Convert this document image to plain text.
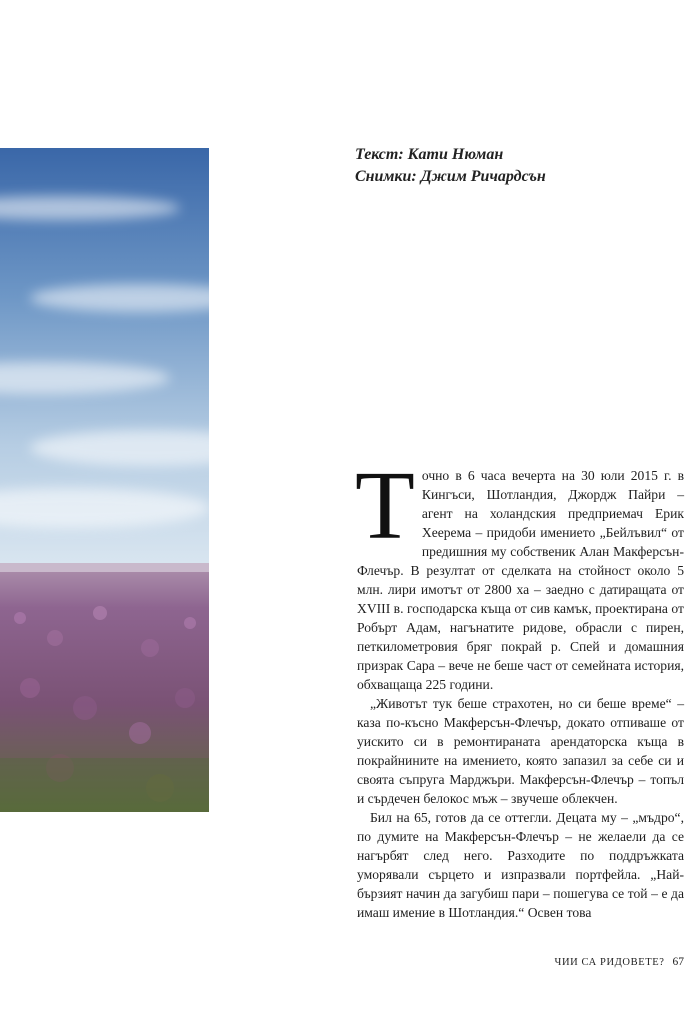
Текст: Кати Нюман
Снимки: Джим Ричардсън

Точно в 6 часа вечерта на 30 юли 2015 г. в Кингъси, Шотландия, Джордж Пайри – агент на холандския предприемач Ерик Хеерема – придоби имението „Бейлъвил“ от предишния му собственик Алан Макферсън-Флечър. В резултат от сделката на стойност около 5 млн. лири имотът от 2800 ха – заедно с датиращата от XVIII в. господарска къща от сив камък, проектирана от Робърт Адам, нагънатите ридове, обрасли с пирен, петкилометровия бряг покрай р. Спей и домашния призрак Сара – вече не беше част от семейната история, обхващаща 225 години.

„Животът тук беше страхотен, но си беше време“ – каза по-късно Макферсън-Флечър, докато отпиваше от уискито си в ремонтираната арендаторска къща в покрайнините на имението, която запазил за себе си и своята съпруга Марджъри. Макферсън-Флечър – топъл и сърдечен белокос мъж – звучеше облекчен.

Бил на 65, готов да се оттегли. Децата му – „мъдро“, по думите на Макферсън-Флечър – не желаели да се нагърбят след него. Разходите по поддръжката уморявали сърцето и изпразвали портфейла. „Най-бързият начин да загубиш пари – пошегува се той – е да имаш имение в Шотландия.“ Освен това

ЧИИ СА РИДОВЕТЕ? 67
